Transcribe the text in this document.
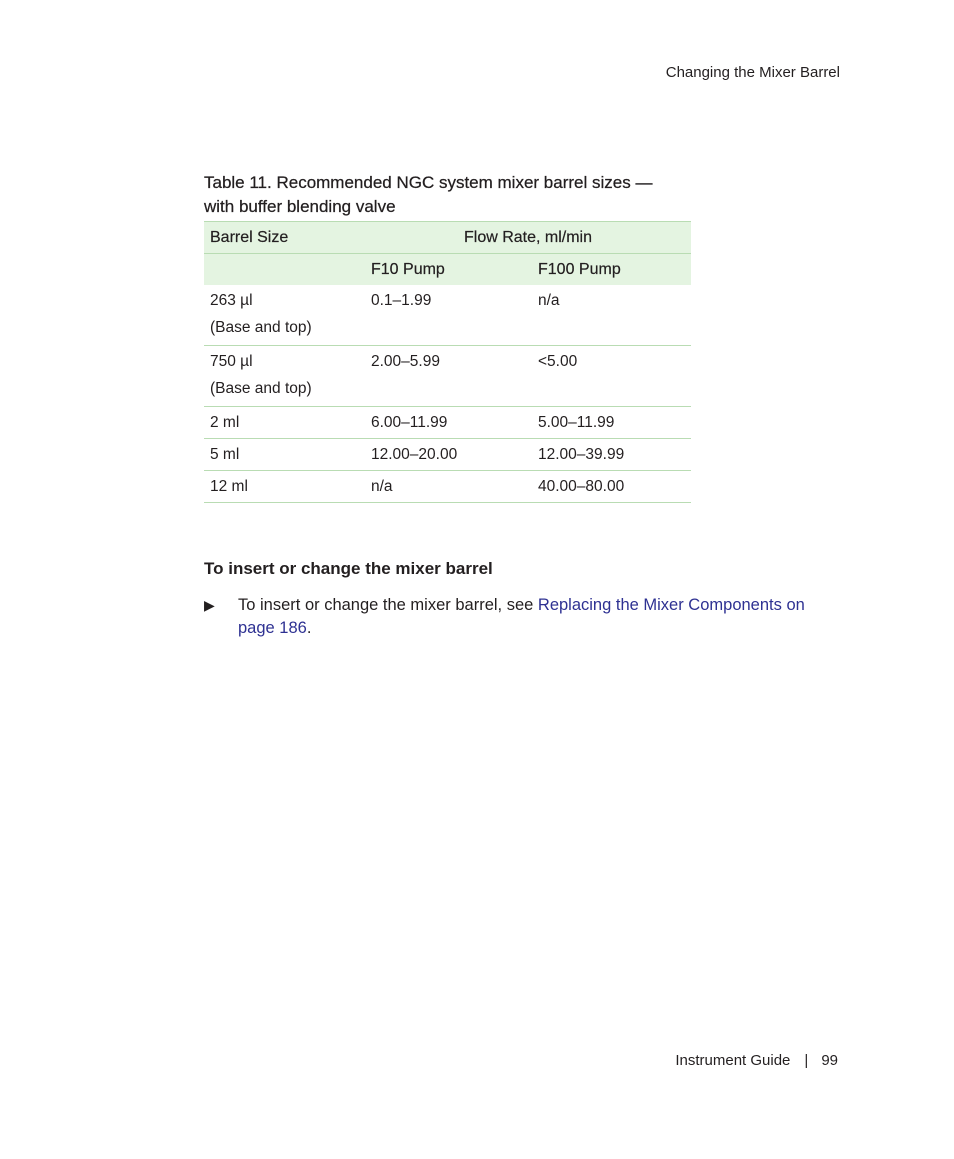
Changing the Mixer Barrel
Table 11. Recommended NGC system mixer barrel sizes —
with buffer blending valve
Barrel Size	Flow Rate, ml/min	
	F10 Pump	F100 Pump

263 µl
(Base and top)	0.1–1.99	n/a

750 µl
(Base and top)	2.00–5.99	<5.00
2 ml	6.00–11.99	5.00–11.99
5 ml	12.00–20.00	12.00–39.99
12 ml	n/a	40.00–80.00
To insert or change the mixer barrel
▶	To insert or change the mixer barrel, see Replacing the Mixer Components on page 186.
Instrument Guide | 99
